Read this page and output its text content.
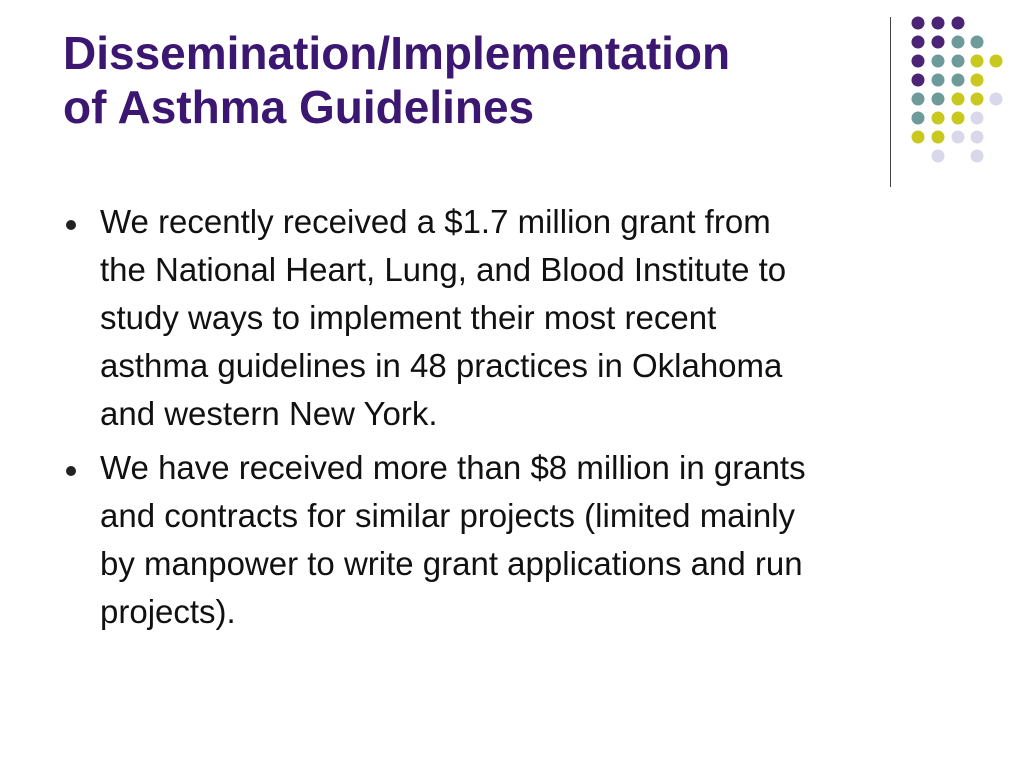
Dissemination/Implementation
of Asthma Guidelines
We recently received a $1.7 million grant from
the National Heart, Lung, and Blood Institute to
study ways to implement their most recent
asthma guidelines in 48 practices in Oklahoma
and western New York.
We have received more than $8 million in grants
and contracts for similar projects (limited mainly
by manpower to write grant applications and run
projects).
